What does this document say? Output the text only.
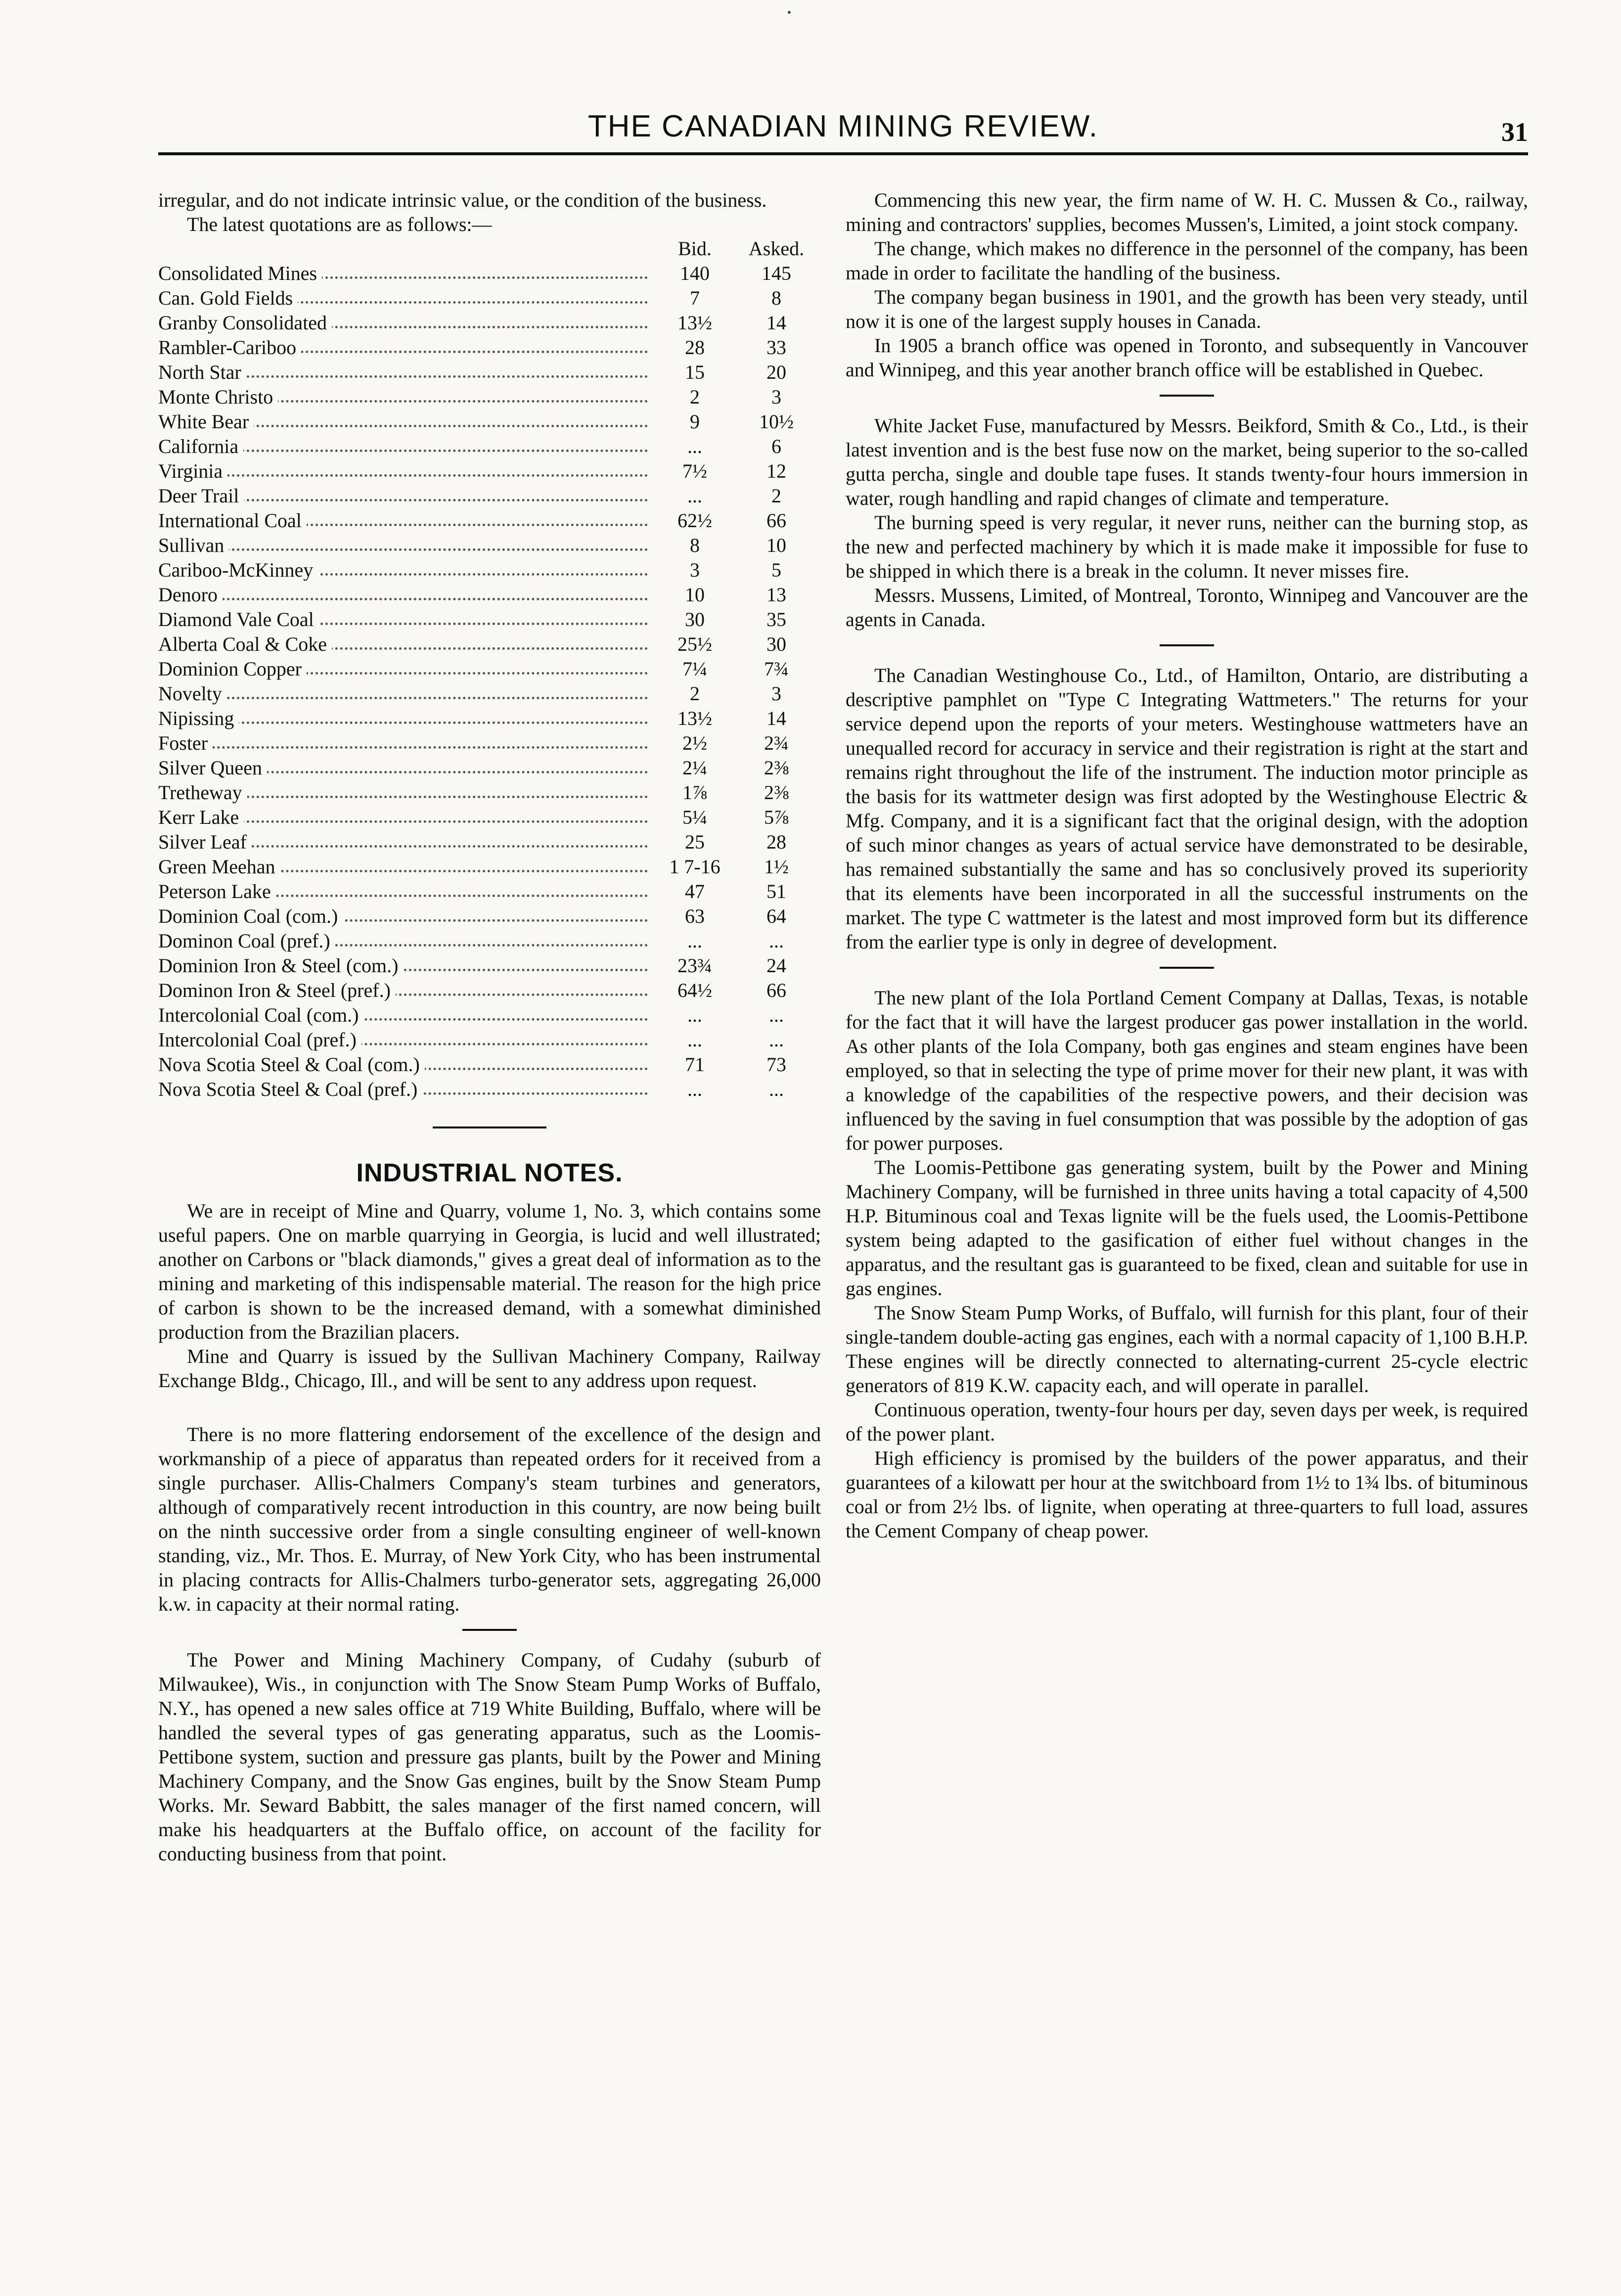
THE CANADIAN MINING REVIEW.	31

irregular, and do not indicate intrinsic value, or the condition of the business.

The latest quotations are as follows:—

	Bid.	Asked.

Consolidated Mines	140	145

Can. Gold Fields	7	8

Granby Consolidated	13½	14

Rambler-Cariboo	28	33

North Star	15	20

Monte Christo	2	3

White Bear	9	10½

California	...	6

Virginia	7½	12

Deer Trail	...	2

International Coal	62½	66

Sullivan	8	10

Cariboo-McKinney	3	5

Denoro	10	13

Diamond Vale Coal	30	35

Alberta Coal & Coke	25½	30

Dominion Copper	7¼	7¾

Novelty	2	3

Nipissing	13½	14

Foster	2½	2¾

Silver Queen	2¼	2⅜

Tretheway	1⅞	2⅜

Kerr Lake	5¼	5⅞

Silver Leaf	25	28

Green Meehan	1 7-16	1½

Peterson Lake	47	51

Dominion Coal (com.)	63	64

Dominon Coal (pref.)	...	...

Dominion Iron & Steel (com.)	23¾	24

Dominon Iron & Steel (pref.)	64½	66

Intercolonial Coal (com.)	...	...

Intercolonial Coal (pref.)	...	...

Nova Scotia Steel & Coal (com.)	71	73

Nova Scotia Steel & Coal (pref.)	...	...
INDUSTRIAL NOTES.

We are in receipt of Mine and Quarry, volume 1, No. 3, which contains some useful papers. One on marble quarrying in Georgia, is lucid and well illustrated; another on Carbons or "black diamonds," gives a great deal of information as to the mining and marketing of this indispensable material. The reason for the high price of carbon is shown to be the increased demand, with a somewhat diminished production from the Brazilian placers.

Mine and Quarry is issued by the Sullivan Machinery Company, Railway Exchange Bldg., Chicago, Ill., and will be sent to any address upon request.

There is no more flattering endorsement of the excellence of the design and workmanship of a piece of apparatus than repeated orders for it received from a single purchaser. Allis-Chalmers Company's steam turbines and generators, although of comparatively recent introduction in this country, are now being built on the ninth successive order from a single consulting engineer of well-known standing, viz., Mr. Thos. E. Murray, of New York City, who has been instrumental in placing contracts for Allis-Chalmers turbo-generator sets, aggregating 26,000 k.w. in capacity at their normal rating.

The Power and Mining Machinery Company, of Cudahy (suburb of Milwaukee), Wis., in conjunction with The Snow Steam Pump Works of Buffalo, N.Y., has opened a new sales office at 719 White Building, Buffalo, where will be handled the several types of gas generating apparatus, such as the Loomis-Pettibone system, suction and pressure gas plants, built by the Power and Mining Machinery Company, and the Snow Gas engines, built by the Snow Steam Pump Works. Mr. Seward Babbitt, the sales manager of the first named concern, will make his headquarters at the Buffalo office, on account of the facility for conducting business from that point.

Commencing this new year, the firm name of W. H. C. Mussen & Co., railway, mining and contractors' supplies, becomes Mussen's, Limited, a joint stock company.

The change, which makes no difference in the personnel of the company, has been made in order to facilitate the handling of the business.

The company began business in 1901, and the growth has been very steady, until now it is one of the largest supply houses in Canada.

In 1905 a branch office was opened in Toronto, and subsequently in Vancouver and Winnipeg, and this year another branch office will be established in Quebec.

White Jacket Fuse, manufactured by Messrs. Beikford, Smith & Co., Ltd., is their latest invention and is the best fuse now on the market, being superior to the so-called gutta percha, single and double tape fuses. It stands twenty-four hours immersion in water, rough handling and rapid changes of climate and temperature.

The burning speed is very regular, it never runs, neither can the burning stop, as the new and perfected machinery by which it is made make it impossible for fuse to be shipped in which there is a break in the column. It never misses fire.

Messrs. Mussens, Limited, of Montreal, Toronto, Winnipeg and Vancouver are the agents in Canada.

The Canadian Westinghouse Co., Ltd., of Hamilton, Ontario, are distributing a descriptive pamphlet on "Type C Integrating Wattmeters." The returns for your service depend upon the reports of your meters. Westinghouse wattmeters have an unequalled record for accuracy in service and their registration is right at the start and remains right throughout the life of the instrument. The induction motor principle as the basis for its wattmeter design was first adopted by the Westinghouse Electric & Mfg. Company, and it is a significant fact that the original design, with the adoption of such minor changes as years of actual service have demonstrated to be desirable, has remained substantially the same and has so conclusively proved its superiority that its elements have been incorporated in all the successful instruments on the market. The type C wattmeter is the latest and most improved form but its difference from the earlier type is only in degree of development.

The new plant of the Iola Portland Cement Company at Dallas, Texas, is notable for the fact that it will have the largest producer gas power installation in the world. As other plants of the Iola Company, both gas engines and steam engines have been employed, so that in selecting the type of prime mover for their new plant, it was with a knowledge of the capabilities of the respective powers, and their decision was influenced by the saving in fuel consumption that was possible by the adoption of gas for power purposes.

The Loomis-Pettibone gas generating system, built by the Power and Mining Machinery Company, will be furnished in three units having a total capacity of 4,500 H.P. Bituminous coal and Texas lignite will be the fuels used, the Loomis-Pettibone system being adapted to the gasification of either fuel without changes in the apparatus, and the resultant gas is guaranteed to be fixed, clean and suitable for use in gas engines.

The Snow Steam Pump Works, of Buffalo, will furnish for this plant, four of their single-tandem double-acting gas engines, each with a normal capacity of 1,100 B.H.P. These engines will be directly connected to alternating-current 25-cycle electric generators of 819 K.W. capacity each, and will operate in parallel.

Continuous operation, twenty-four hours per day, seven days per week, is required of the power plant.

High efficiency is promised by the builders of the power apparatus, and their guarantees of a kilowatt per hour at the switchboard from 1½ to 1¾ lbs. of bituminous coal or from 2½ lbs. of lignite, when operating at three-quarters to full load, assures the Cement Company of cheap power.
